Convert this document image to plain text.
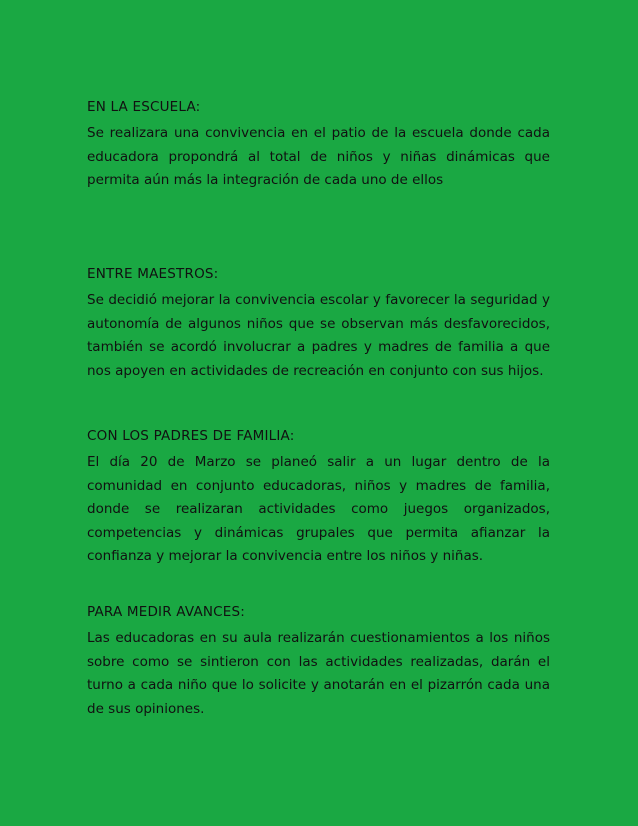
EN LA ESCUELA:

Se realizara una convivencia en el patio de la escuela donde cada educadora propondrá al total de niños y niñas dinámicas que permita aún más la integración de cada uno de ellos

ENTRE MAESTROS:

Se decidió mejorar la convivencia escolar y favorecer la seguridad y autonomía de algunos niños que se observan más desfavorecidos, también se acordó involucrar a padres y madres de familia a que nos apoyen en actividades de recreación en conjunto con sus hijos.

CON LOS PADRES DE FAMILIA:

El día 20 de Marzo se planeó salir a un lugar dentro de la comunidad en conjunto educadoras, niños y madres de familia, donde se realizaran actividades como juegos organizados, competencias y dinámicas grupales que permita afianzar la confianza y mejorar la convivencia entre los niños y niñas.

PARA MEDIR AVANCES:

Las educadoras en su aula realizarán cuestionamientos a los niños sobre como se sintieron con las actividades realizadas, darán el turno a cada niño que lo solicite y anotarán en el pizarrón cada una de sus opiniones.
